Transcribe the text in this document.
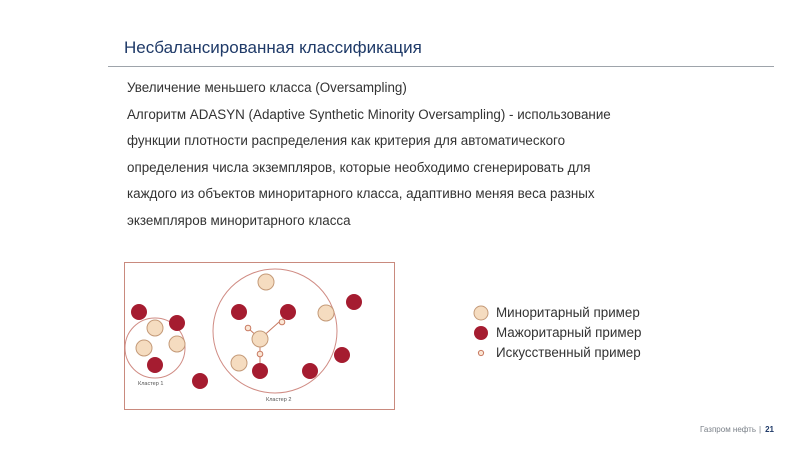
Несбалансированная классификация
Увеличение меньшего класса (Oversampling)
Алгоритм ADASYN (Adaptive Synthetic Minority Oversampling) - использование
функции плотности распределения как критерия для автоматического
определения числа экземпляров, которые необходимо сгенерировать для
каждого из объектов миноритарного класса, адаптивно меняя веса разных
экземпляров миноритарного класса
Кластер 1
Кластер 2
Миноритарный пример
Мажоритарный пример
Искусственный пример
Газпром нефть | 21
